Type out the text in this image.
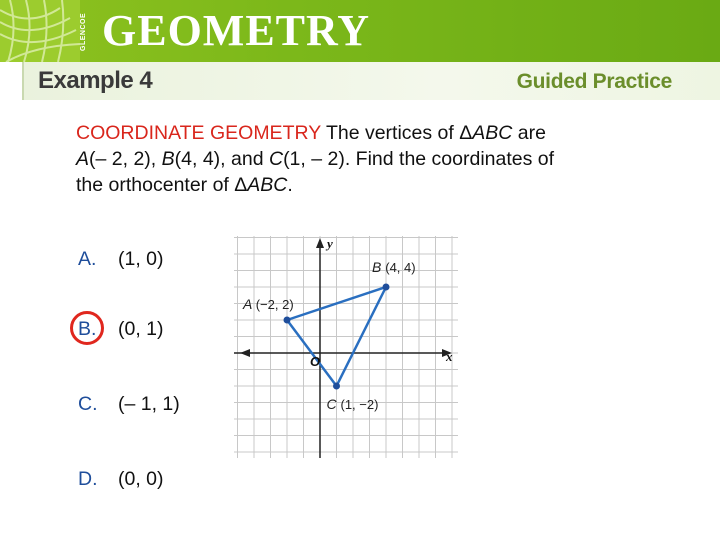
GLENCOE GEOMETRY
Example 4	Guided Practice
COORDINATE GEOMETRY The vertices of ΔABC are
A(– 2, 2), B(4, 4), and C(1, – 2). Find the coordinates of
the orthocenter of ΔABC.
A. (1, 0)
B. (0, 1)
C. (– 1, 1)
D. (0, 0)
x
y
O
A (−2, 2)
B (4, 4)
C (1, −2)
